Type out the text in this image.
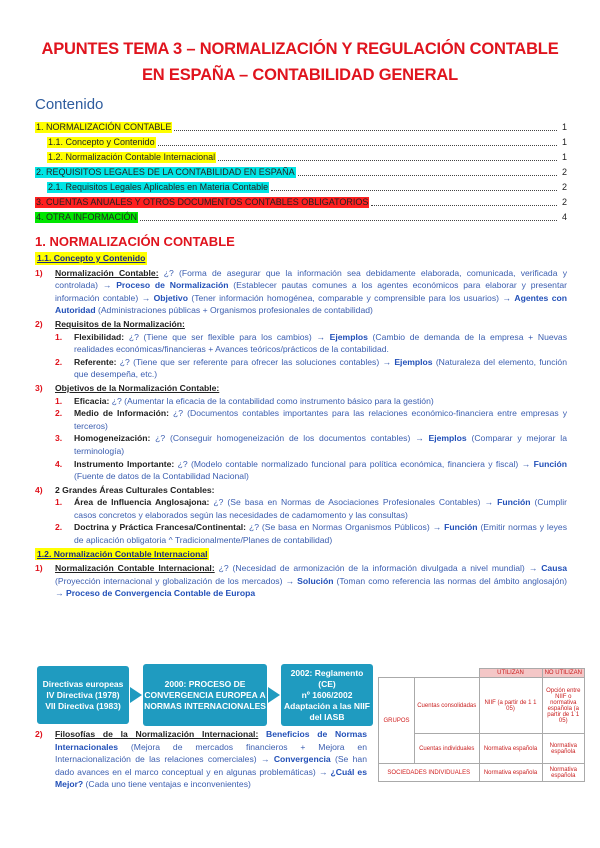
APUNTES TEMA 3 – NORMALIZACIÓN Y REGULACIÓN CONTABLE EN ESPAÑA – CONTABILIDAD GENERAL
Contenido
1. NORMALIZACIÓN CONTABLE	1
1.1. Concepto y Contenido	1
1.2. Normalización Contable Internacional	1
2. REQUISITOS LEGALES DE LA CONTABILIDAD EN ESPAÑA	2
2.1. Requisitos Legales Aplicables en Materia Contable	2
3. CUENTAS ANUALES Y OTROS DOCUMENTOS CONTABLES OBLIGATORIOS	2
4. OTRA INFORMACIÓN	4
1. NORMALIZACIÓN CONTABLE
1.1. Concepto y Contenido
1) Normalización Contable: ¿? (Forma de asegurar que la información sea debidamente elaborada, comunicada, verificada y controlada) → Proceso de Normalización (Establecer pautas comunes a los agentes económicos para elaborar y presentar información contable) → Objetivo (Tener información homogénea, comparable y comprensible para los usuarios) → Agentes con Autoridad (Administraciones públicas + Organismos profesionales de contabilidad)
2) Requisitos de la Normalización:
1. Flexibilidad: ¿? (Tiene que ser flexible para los cambios) → Ejemplos (Cambio de demanda de la empresa + Nuevas realidades económicas/financieras + Avances teóricos/prácticos de la contabilidad.
2. Referente: ¿? (Tiene que ser referente para ofrecer las soluciones contables) → Ejemplos (Naturaleza del elemento, función que desempeña, etc.)
3) Objetivos de la Normalización Contable:
1. Eficacia: ¿? (Aumentar la eficacia de la contabilidad como instrumento básico para la gestión)
2. Medio de Información: ¿? (Documentos contables importantes para las relaciones económico-financiera entre empresas y terceros)
3. Homogeneización: ¿? (Conseguir homogeneización de los documentos contables) → Ejemplos (Comparar y mejorar la terminología)
4. Instrumento Importante: ¿? (Modelo contable normalizado funcional para política económica, financiera y fiscal) → Función (Fuente de datos de la Contabilidad Nacional)
4) 2 Grandes Áreas Culturales Contables:
1. Área de Influencia Anglosajona: ¿? (Se basa en Normas de Asociaciones Profesionales Contables) → Función (Cumplir casos concretos y elaborados según las necesidades de cadamomento y las consultas)
2. Doctrina y Práctica Francesa/Continental: ¿? (Se basa en Normas Organismos Públicos) → Función (Emitir normas y leyes de aplicación obligatoria ^ Tradicionalmente/Planes de contabilidad)
1.2. Normalización Contable Internacional
1) Normalización Contable Internacional: ¿? (Necesidad de armonización de la información divulgada a nivel mundial) → Causa (Proyección internacional y globalización de los mercados) → Solución (Toman como referencia las normas del ámbito anglosajón) → Proceso de Convergencia Contable de Europa
Directivas europeas
IV Directiva (1978)
VII Directiva (1983)
2000: PROCESO DE
CONVERGENCIA EUROPEA A
NORMAS INTERNACIONALES
2002: Reglamento (CE)
nº 1606/2002
Adaptación a las NIIF
del IASB
2) Filosofías de la Normalización Internacional: Beneficios de Normas Internacionales (Mejora de mercados financieros + Mejora en Internacionalización de las relaciones comerciales) → Convergencia (Se han dado avances en el marco conceptual y en algunas problemáticas) → ¿Cuál es Mejor? (Cada uno tiene ventajas e inconvenientes)
		UTILIZAN	NO UTILIZAN
GRUPOS	Cuentas consolidadas	NIIF (a partir de 1 1 05)	Opción entre NIIF o normativa española (a partir de 1 1 05)
	Cuentas individuales	Normativa española	Normativa española
SOCIEDADES INDIVIDUALES		Normativa española	Normativa española
